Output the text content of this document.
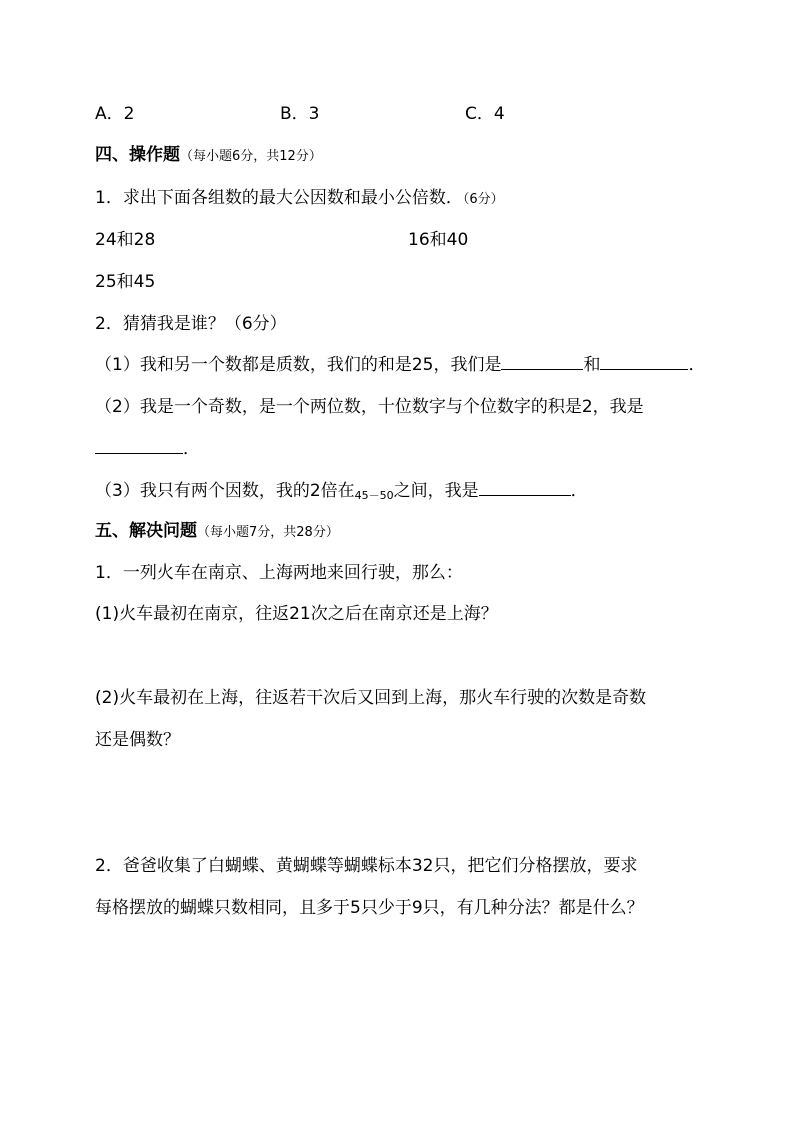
A．2	B．3	C．4
四、操作题（每小题6分，共12分）
1．求出下面各组数的最大公因数和最小公倍数．（6分）
24和28	16和40
25和45
2．猜猜我是谁？（6分）
（1）我和另一个数都是质数，我们的和是25，我们是	和	．
（2）我是一个奇数，是一个两位数，十位数字与个位数字的积是2，我是
．
（3）我只有两个因数，我的2倍在$_{45-50}$之间，我是	．
五、解决问题（每小题7分，共28分）
1．一列火车在南京、上海两地来回行驶，那么：
(1)火车最初在南京，往返21次之后在南京还是上海？
(2)火车最初在上海，往返若干次后又回到上海，那火车行驶的次数是奇数
还是偶数？
2．爸爸收集了白蝴蝶、黄蝴蝶等蝴蝶标本32只，把它们分格摆放，要求
每格摆放的蝴蝶只数相同，且多于5只少于9只，有几种分法？都是什么？
